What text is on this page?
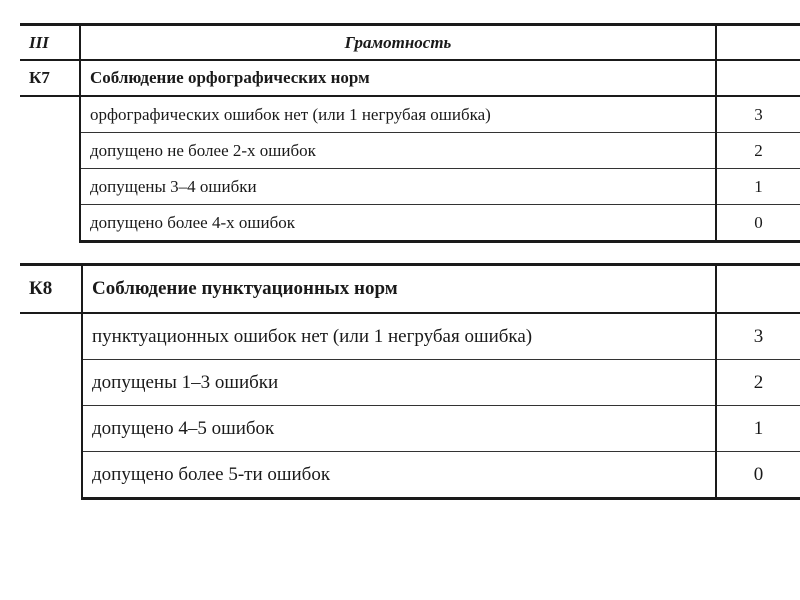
III	Грамотность	
К7	Соблюдение орфографических норм	
	орфографических ошибок нет (или 1 негрубая ошибка)	3
	допущено не более 2-х ошибок	2
	допущены 3–4 ошибки	1
	допущено более 4-х ошибок	0
К8	Соблюдение пунктуационных норм	
	пунктуационных ошибок нет (или 1 негрубая ошибка)	3
	допущены 1–3 ошибки	2
	допущено 4–5 ошибок	1
	допущено более 5-ти ошибок	0
